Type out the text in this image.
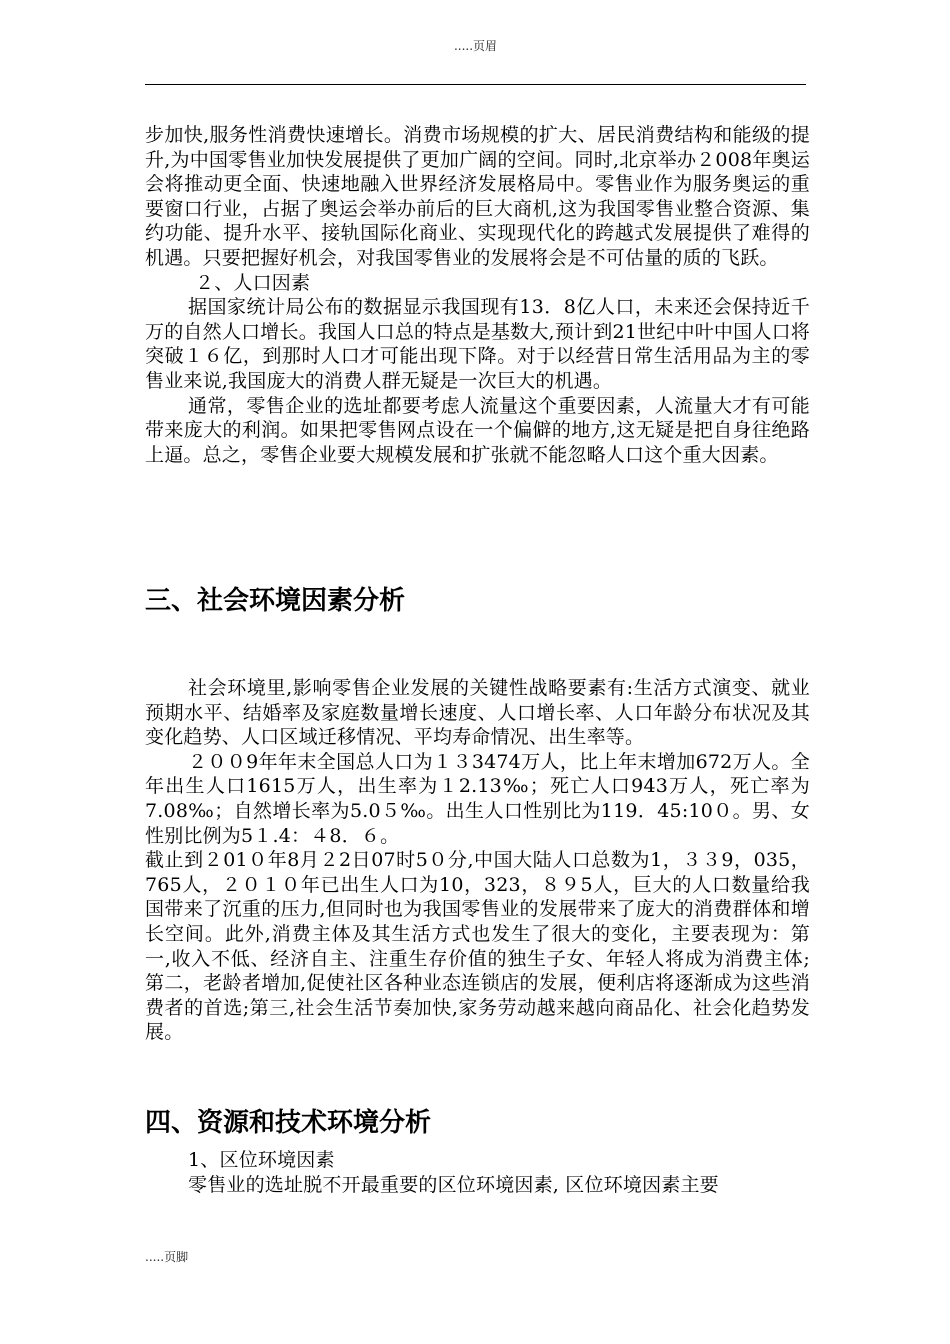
.....页眉

步加快,服务性消费快速增长。消费市场规模的扩大、居民消费结构和能级的提升,为中国零售业加快发展提供了更加广阔的空间。同时,北京举办２008年奥运会将推动更全面、快速地融入世界经济发展格局中。零售业作为服务奥运的重要窗口行业，占据了奥运会举办前后的巨大商机,这为我国零售业整合资源、集约功能、提升水平、接轨国际化商业、实现现代化的跨越式发展提供了难得的机遇。只要把握好机会，对我国零售业的发展将会是不可估量的质的飞跃。

２、人口因素

据国家统计局公布的数据显示我国现有13．8亿人口，未来还会保持近千万的自然人口增长。我国人口总的特点是基数大,预计到21世纪中叶中国人口将突破１６亿，到那时人口才可能出现下降。对于以经营日常生活用品为主的零售业来说,我国庞大的消费人群无疑是一次巨大的机遇。

通常，零售企业的选址都要考虑人流量这个重要因素，人流量大才有可能带来庞大的利润。如果把零售网点设在一个偏僻的地方,这无疑是把自身往绝路上逼。总之，零售企业要大规模发展和扩张就不能忽略人口这个重大因素。

三、社会环境因素分析

社会环境里,影响零售企业发展的关键性战略要素有:生活方式演变、就业预期水平、结婚率及家庭数量增长速度、人口增长率、人口年龄分布状况及其变化趋势、人口区域迁移情况、平均寿命情况、出生率等。

２００9年年末全国总人口为１３3474万人，比上年末增加672万人。全年出生人口1615万人，出生率为１2.13‰；死亡人口943万人，死亡率为7.08‰；自然增长率为5.0５‰。出生人口性别比为119．45:10０。男、女性别比例为5１.4：４8．６。

截止到２01０年8月２2日07时5０分,中国大陆人口总数为1，３３9，035，765人，２０１０年已出生人口为10，323，８９5人，巨大的人口数量给我国带来了沉重的压力,但同时也为我国零售业的发展带来了庞大的消费群体和增长空间。此外,消费主体及其生活方式也发生了很大的变化，主要表现为：第一,收入不低、经济自主、注重生存价值的独生子女、年轻人将成为消费主体;第二，老龄者增加,促使社区各种业态连锁店的发展，便利店将逐渐成为这些消费者的首选;第三,社会生活节奏加快,家务劳动越来越向商品化、社会化趋势发展。

四、资源和技术环境分析

1、区位环境因素

零售业的选址脱不开最重要的区位环境因素, 区位环境因素主要

.....页脚
